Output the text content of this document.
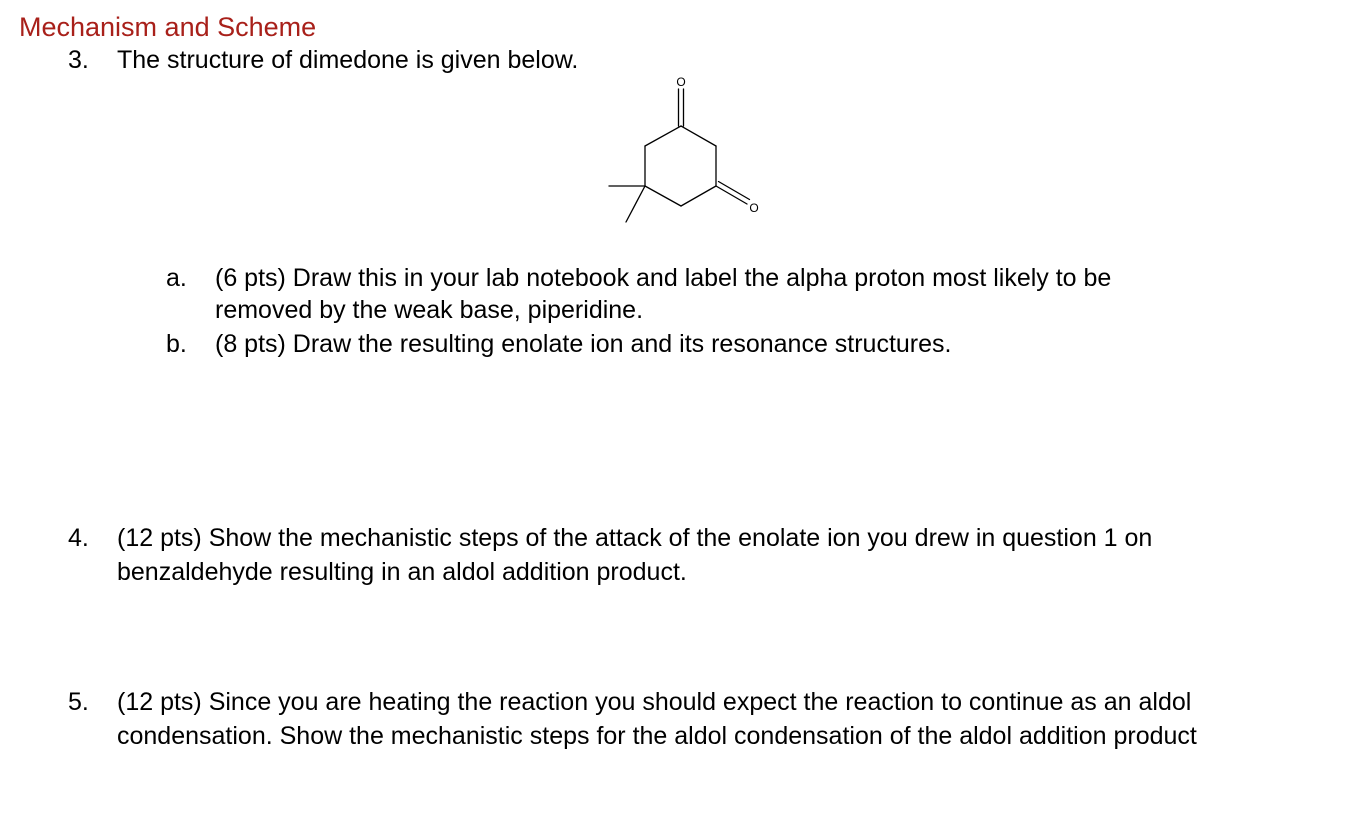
Mechanism and Scheme
3. The structure of dimedone is given below.
O
O
a. (6 pts) Draw this in your lab notebook and label the alpha proton most likely to be
removed by the weak base, piperidine.
b. (8 pts) Draw the resulting enolate ion and its resonance structures.
4. (12 pts) Show the mechanistic steps of the attack of the enolate ion you drew in question 1 on
benzaldehyde resulting in an aldol addition product.
5. (12 pts) Since you are heating the reaction you should expect the reaction to continue as an aldol
condensation. Show the mechanistic steps for the aldol condensation of the aldol addition product
